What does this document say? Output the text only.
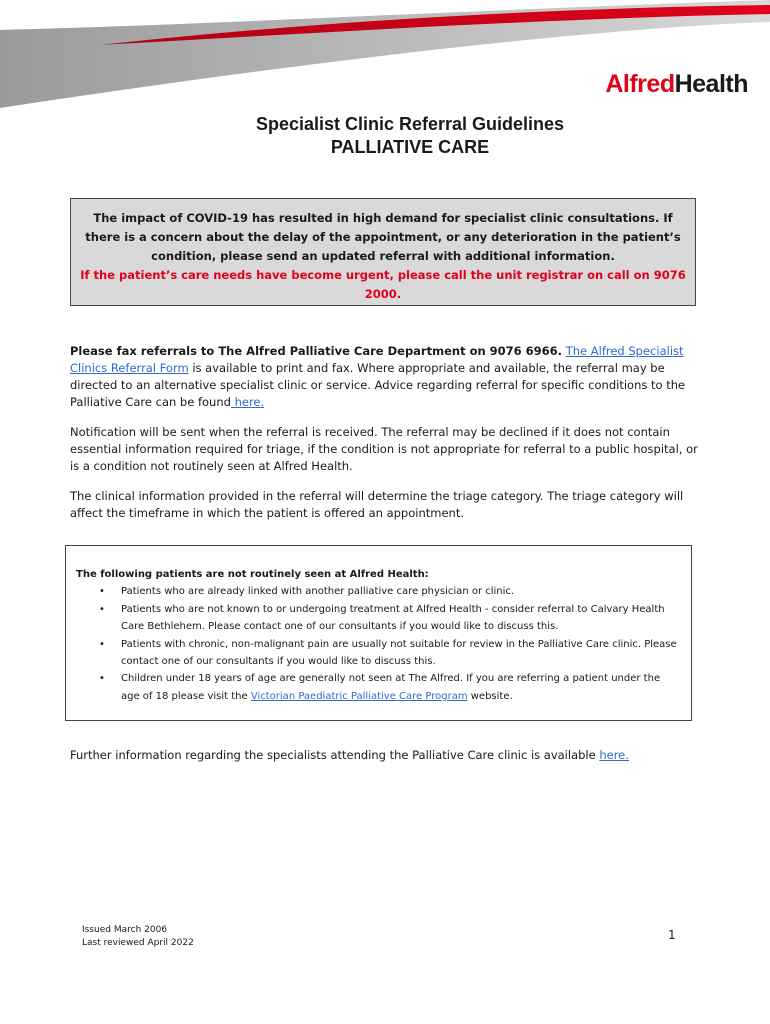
AlfredHealth
Specialist Clinic Referral Guidelines
PALLIATIVE CARE
The impact of COVID-19 has resulted in high demand for specialist clinic consultations. If there is a concern about the delay of the appointment, or any deterioration in the patient’s condition, please send an updated referral with additional information.
If the patient’s care needs have become urgent, please call the unit registrar on call on 9076 2000.
Please fax referrals to The Alfred Palliative Care Department on 9076 6966. The Alfred Specialist Clinics Referral Form is available to print and fax. Where appropriate and available, the referral may be directed to an alternative specialist clinic or service. Advice regarding referral for specific conditions to the Palliative Care can be found here.
Notification will be sent when the referral is received. The referral may be declined if it does not contain essential information required for triage, if the condition is not appropriate for referral to a public hospital, or is a condition not routinely seen at Alfred Health.
The clinical information provided in the referral will determine the triage category. The triage category will affect the timeframe in which the patient is offered an appointment.
The following patients are not routinely seen at Alfred Health:
• Patients who are already linked with another palliative care physician or clinic.
• Patients who are not known to or undergoing treatment at Alfred Health - consider referral to Calvary Health Care Bethlehem. Please contact one of our consultants if you would like to discuss this.
• Patients with chronic, non-malignant pain are usually not suitable for review in the Palliative Care clinic. Please contact one of our consultants if you would like to discuss this.
• Children under 18 years of age are generally not seen at The Alfred. If you are referring a patient under the age of 18 please visit the Victorian Paediatric Palliative Care Program website.
Further information regarding the specialists attending the Palliative Care clinic is available here.
Issued March 2006
Last reviewed April 2022
1
